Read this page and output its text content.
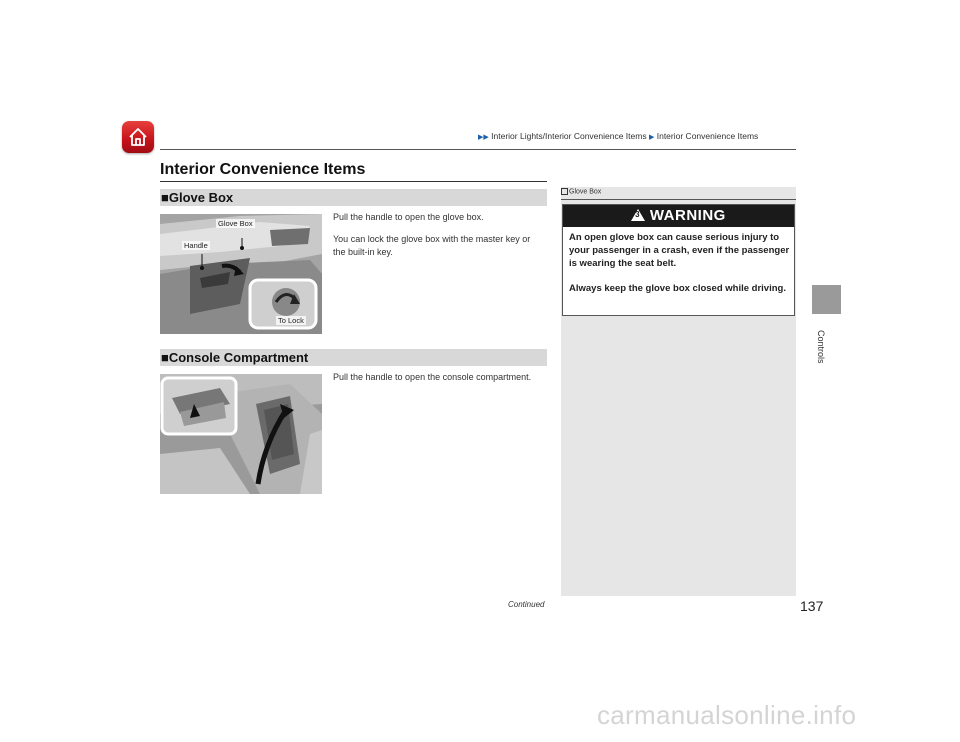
▶▶ Interior Lights/Interior Convenience Items ▶ Interior Convenience Items
Interior Convenience Items
Controls
■Glove Box
Glove Box
Handle
To Lock
Pull the handle to open the glove box.
You can lock the glove box with the master key or the built-in key.
■Console Compartment
Pull the handle to open the console compartment.
Glove Box
3 WARNING
An open glove box can cause serious injury to your passenger in a crash, even if the passenger is wearing the seat belt.
Always keep the glove box closed while driving.
Continued	137
carmanualsonline.info
